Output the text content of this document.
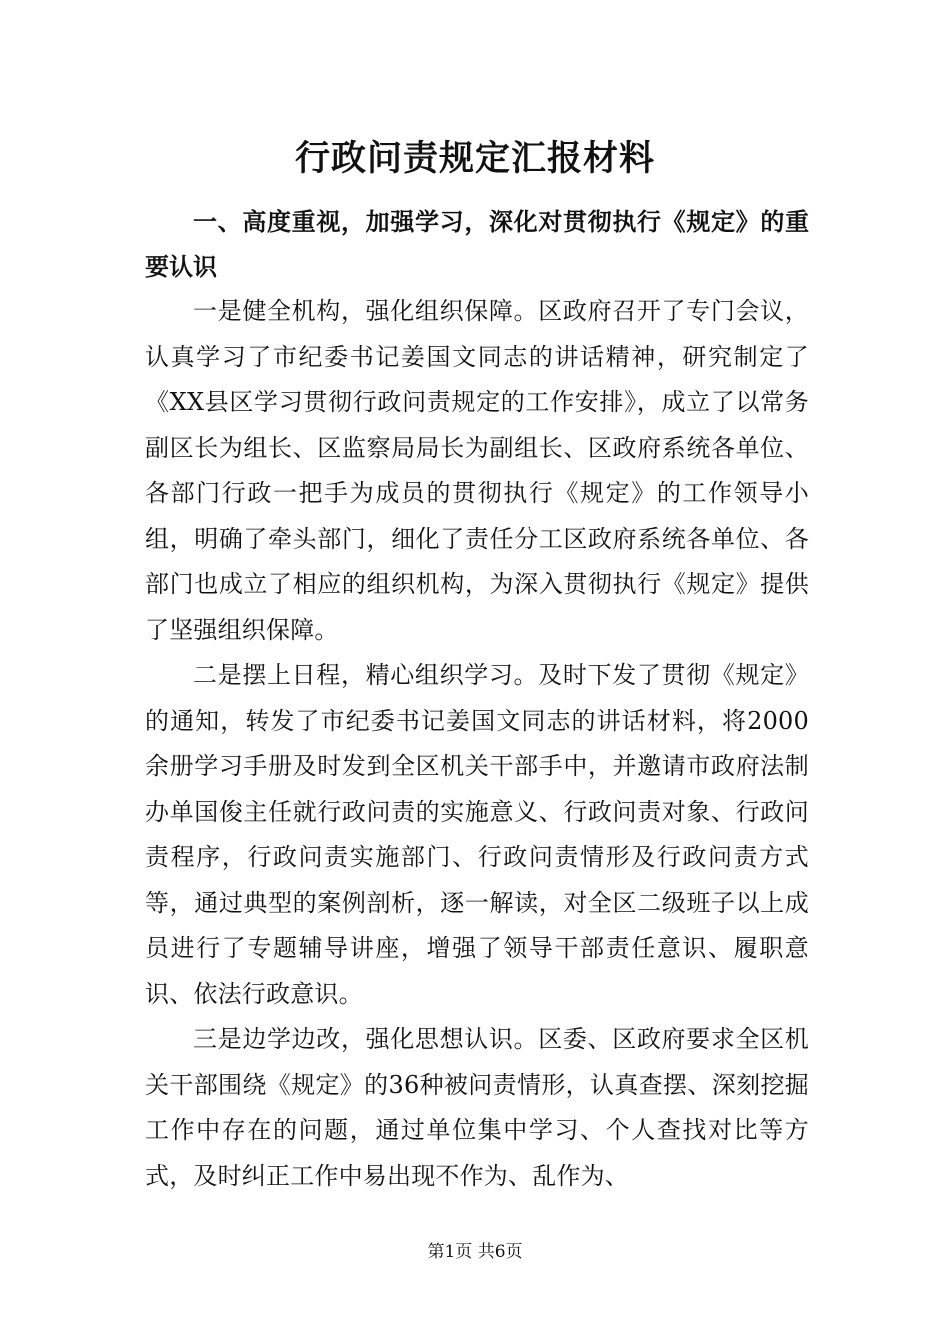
行政问责规定汇报材料

一、高度重视，加强学习，深化对贯彻执行《规定》的重要认识

一是健全机构，强化组织保障。区政府召开了专门会议，认真学习了市纪委书记姜国文同志的讲话精神，研究制定了《XX县区学习贯彻行政问责规定的工作安排》，成立了以常务副区长为组长、区监察局局长为副组长、区政府系统各单位、各部门行政一把手为成员的贯彻执行《规定》的工作领导小组，明确了牵头部门，细化了责任分工区政府系统各单位、各部门也成立了相应的组织机构，为深入贯彻执行《规定》提供了坚强组织保障。

二是摆上日程，精心组织学习。及时下发了贯彻《规定》的通知，转发了市纪委书记姜国文同志的讲话材料，将2000余册学习手册及时发到全区机关干部手中，并邀请市政府法制办单国俊主任就行政问责的实施意义、行政问责对象、行政问责程序，行政问责实施部门、行政问责情形及行政问责方式等，通过典型的案例剖析，逐一解读，对全区二级班子以上成员进行了专题辅导讲座，增强了领导干部责任意识、履职意识、依法行政意识。

三是边学边改，强化思想认识。区委、区政府要求全区机关干部围绕《规定》的36种被问责情形，认真查摆、深刻挖掘工作中存在的问题，通过单位集中学习、个人查找对比等方式，及时纠正工作中易出现不作为、乱作为、

第1页 共6页
